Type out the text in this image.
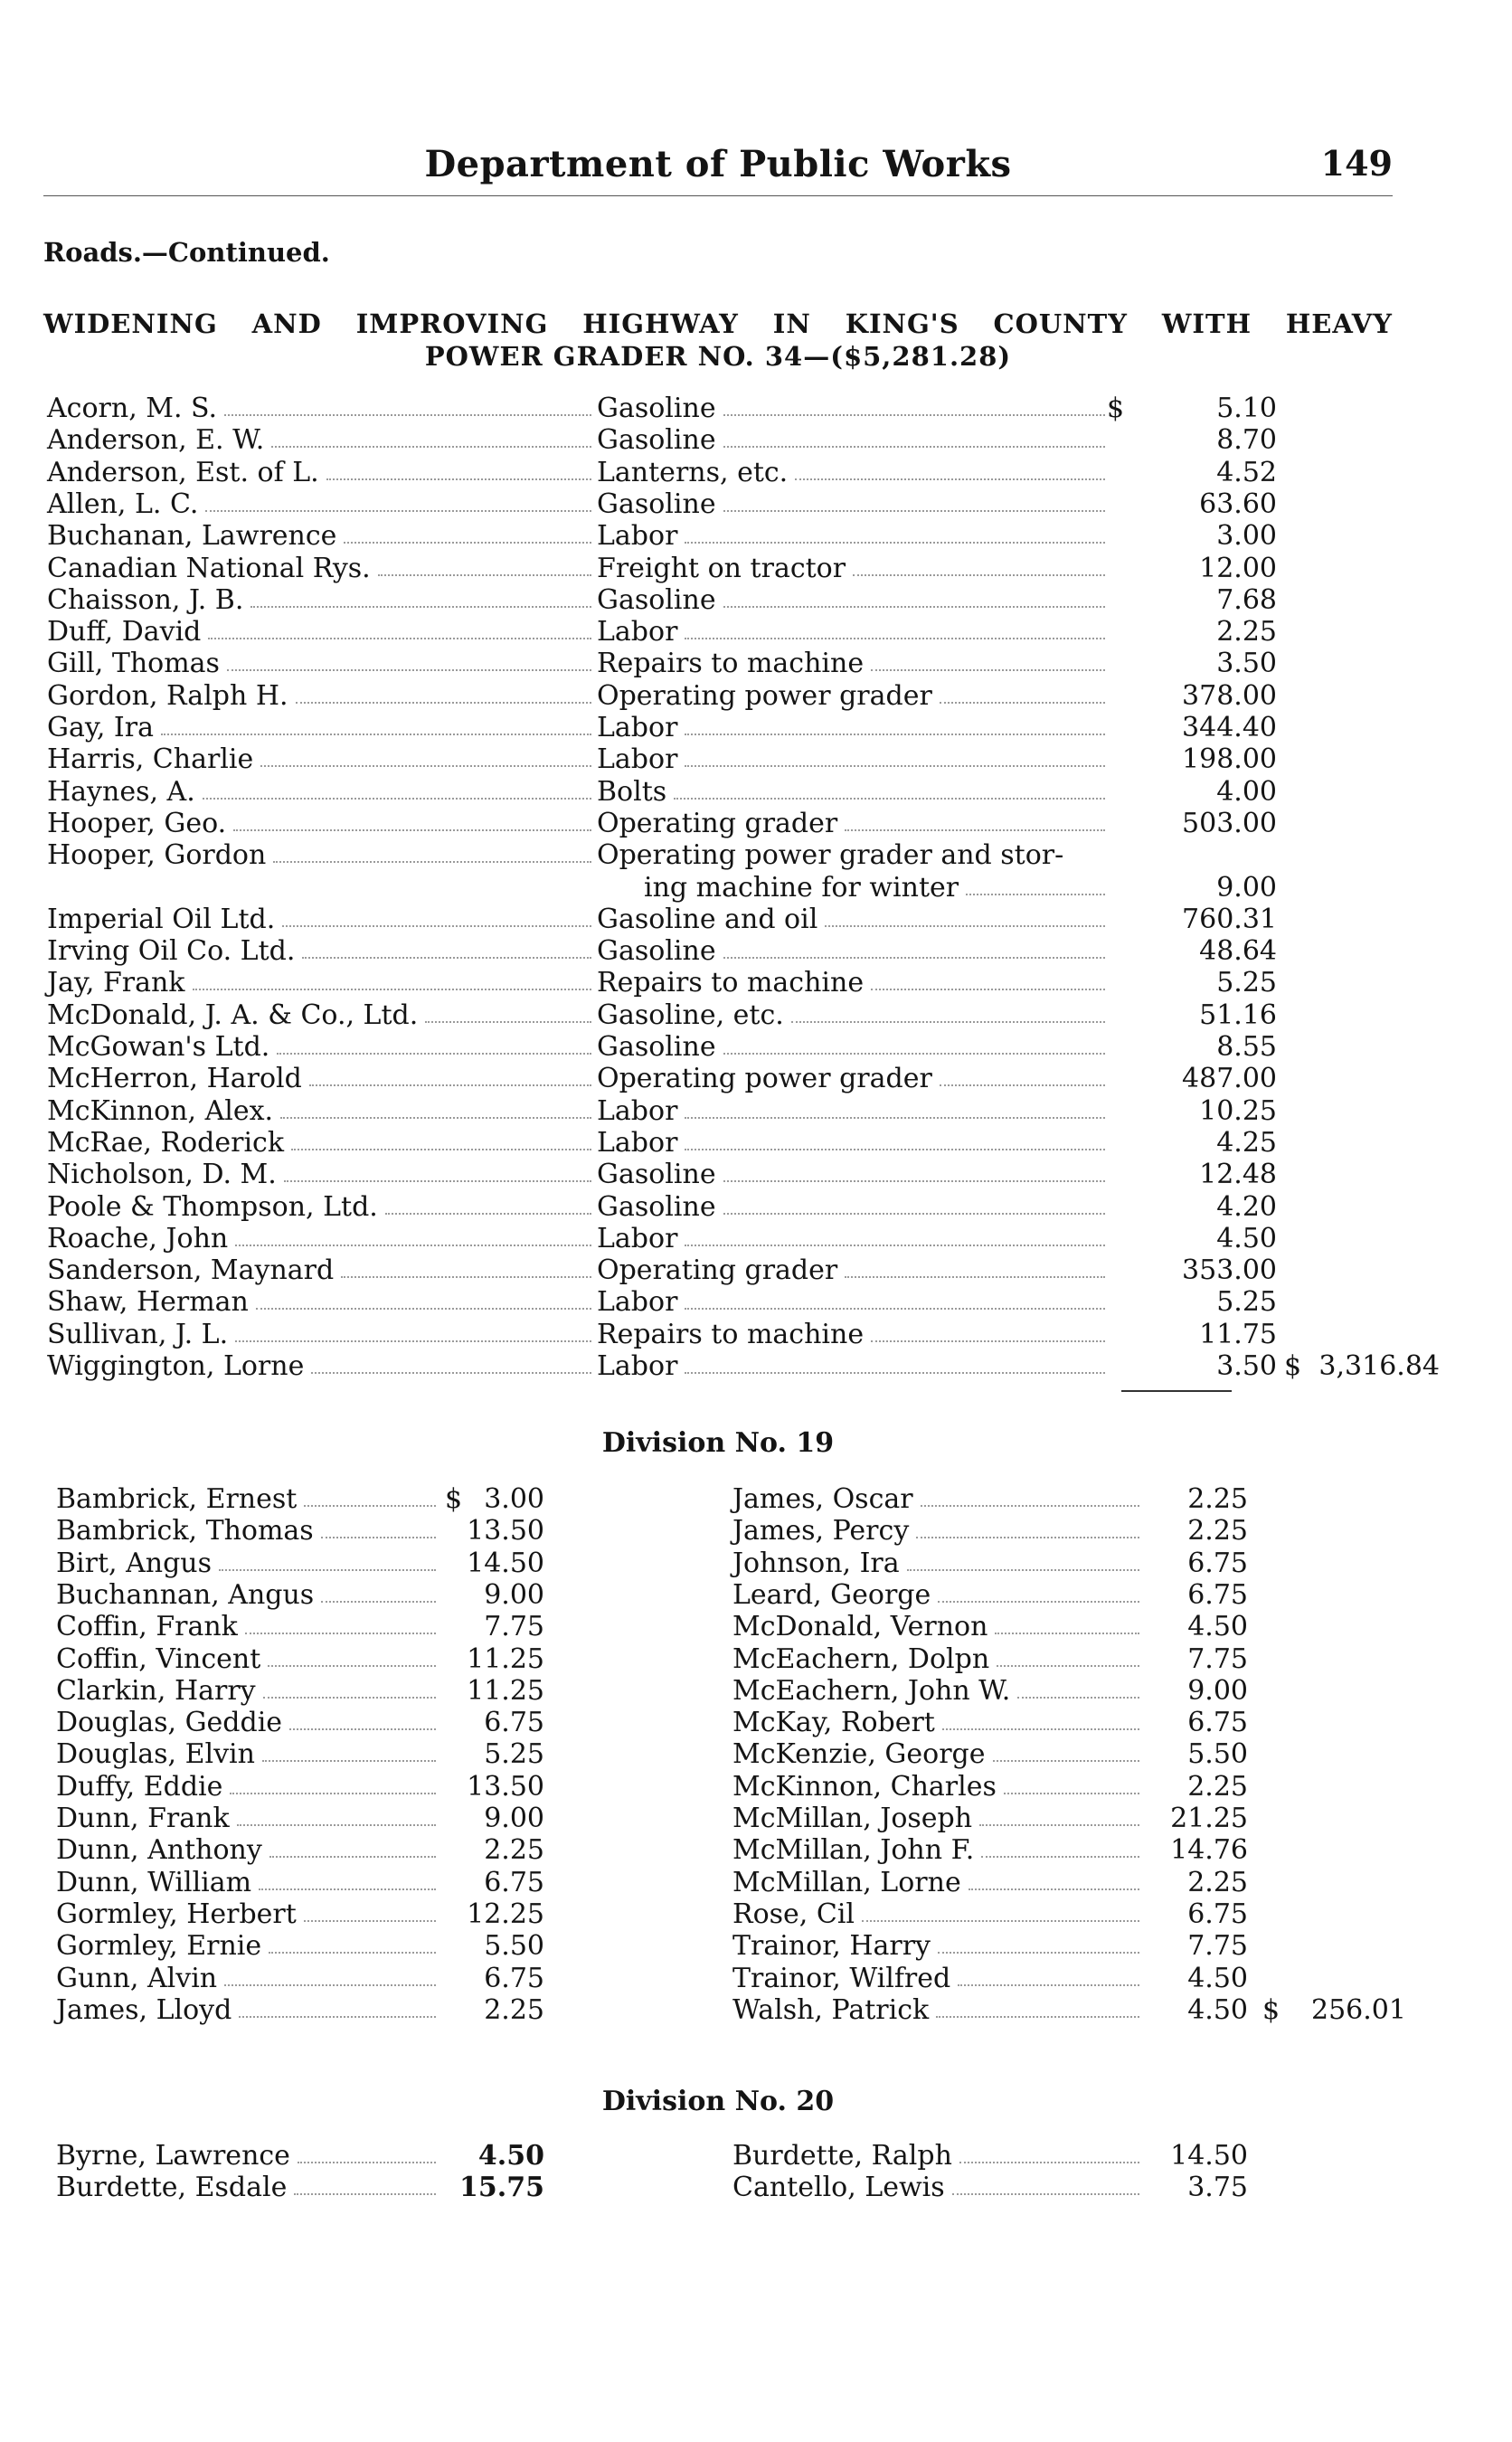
Department of Public Works	149
Roads.—Continued.
WIDENING AND IMPROVING HIGHWAY IN KING'S COUNTY WITH HEAVY
POWER GRADER NO. 34—($5,281.28)
Acorn, M. S.	Gasoline	5.10
$
Anderson, E. W.	Gasoline	8.70
Anderson, Est. of L.	Lanterns, etc.	4.52
Allen, L. C.	Gasoline	63.60
Buchanan, Lawrence	Labor	3.00
Canadian National Rys.	Freight on tractor	12.00
Chaisson, J. B.	Gasoline	7.68
Duff, David	Labor	2.25
Gill, Thomas	Repairs to machine	3.50
Gordon, Ralph H.	Operating power grader	378.00
Gay, Ira	Labor	344.40
Harris, Charlie	Labor	198.00
Haynes, A.	Bolts	4.00
Hooper, Geo.	Operating grader	503.00
Hooper, Gordon	Operating power grader and stor-
ing machine for winter	9.00
Imperial Oil Ltd.	Gasoline and oil	760.31
Irving Oil Co. Ltd.	Gasoline	48.64
Jay, Frank	Repairs to machine	5.25
McDonald, J. A. & Co., Ltd.	Gasoline, etc.	51.16
McGowan's Ltd.	Gasoline	8.55
McHerron, Harold	Operating power grader	487.00
McKinnon, Alex.	Labor	10.25
McRae, Roderick	Labor	4.25
Nicholson, D. M.	Gasoline	12.48
Poole & Thompson, Ltd.	Gasoline	4.20
Roache, John	Labor	4.50
Sanderson, Maynard	Operating grader	353.00
Shaw, Herman	Labor	5.25
Sullivan, J. L.	Repairs to machine	11.75
Wiggington, Lorne	Labor	3.50 $ 3,316.84
Division No. 19
Bambrick, Ernest	3.00
$
Bambrick, Thomas	13.50
Birt, Angus	14.50
Buchannan, Angus	9.00
Coffin, Frank	7.75
Coffin, Vincent	11.25
Clarkin, Harry	11.25
Douglas, Geddie	6.75
Douglas, Elvin	5.25
Duffy, Eddie	13.50
Dunn, Frank	9.00
Dunn, Anthony	2.25
Dunn, William	6.75
Gormley, Herbert	12.25
Gormley, Ernie	5.50
Gunn, Alvin	6.75
James, Lloyd	2.25
James, Oscar	2.25
James, Percy	2.25
Johnson, Ira	6.75
Leard, George	6.75
McDonald, Vernon	4.50
McEachern, Dolpn	7.75
McEachern, John W.	9.00
McKay, Robert	6.75
McKenzie, George	5.50
McKinnon, Charles	2.25
McMillan, Joseph	21.25
McMillan, John F.	14.76
McMillan, Lorne	2.25
Rose, Cil	6.75
Trainor, Harry	7.75
Trainor, Wilfred	4.50
Walsh, Patrick	4.50 $ 256.01
Division No. 20
Byrne, Lawrence	4.50
Burdette, Esdale	15.75
Burdette, Ralph	14.50
Cantello, Lewis	3.75
